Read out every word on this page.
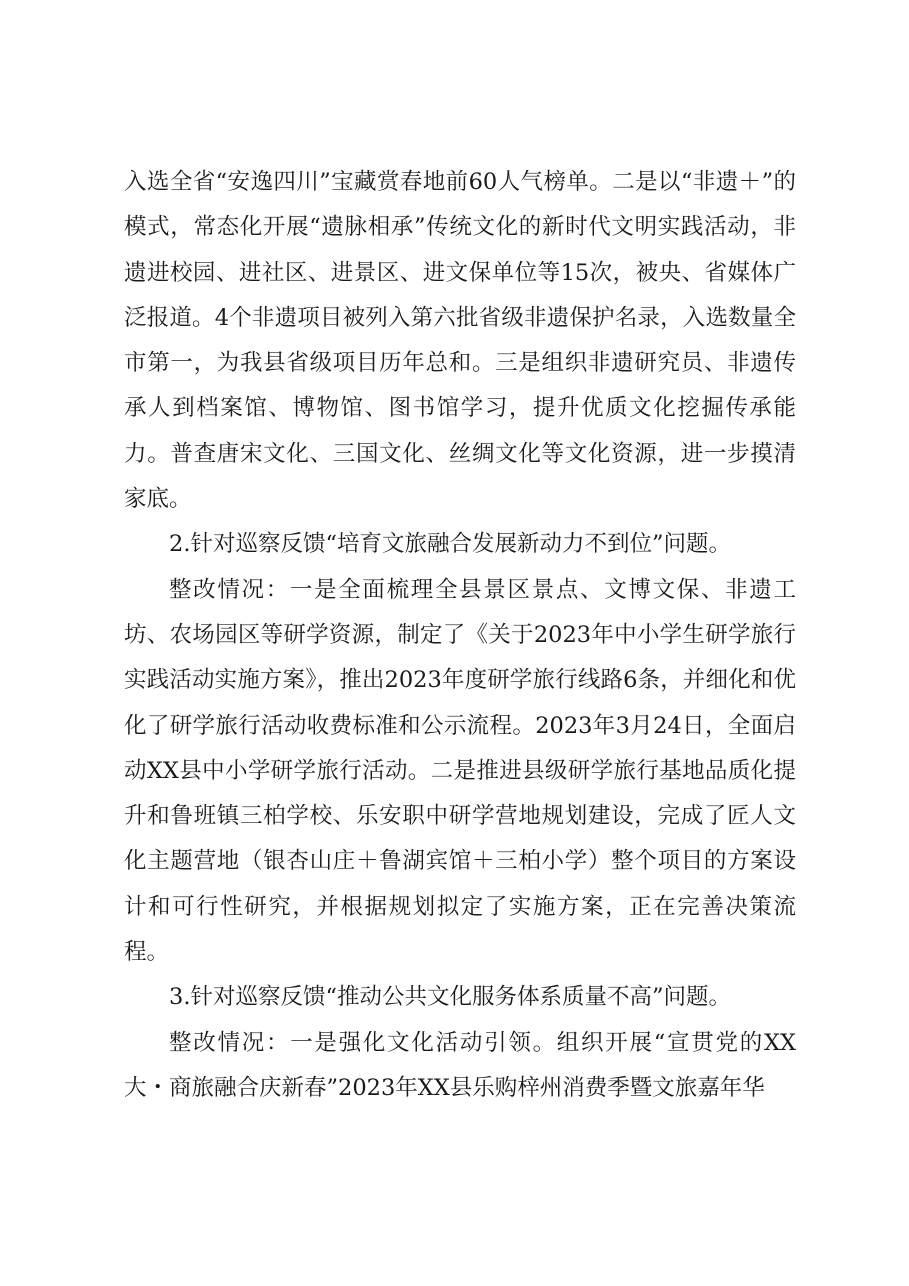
入选全省“安逸四川”宝藏赏春地前60人气榜单。二是以“非遗＋”的模式，常态化开展“遗脉相承”传统文化的新时代文明实践活动，非遗进校园、进社区、进景区、进文保单位等15次，被央、省媒体广泛报道。4个非遗项目被列入第六批省级非遗保护名录，入选数量全市第一，为我县省级项目历年总和。三是组织非遗研究员、非遗传承人到档案馆、博物馆、图书馆学习，提升优质文化挖掘传承能力。普查唐宋文化、三国文化、丝绸文化等文化资源，进一步摸清家底。

2.针对巡察反馈“培育文旅融合发展新动力不到位”问题。

整改情况：一是全面梳理全县景区景点、文博文保、非遗工坊、农场园区等研学资源，制定了《关于2023年中小学生研学旅行实践活动实施方案》，推出2023年度研学旅行线路6条，并细化和优化了研学旅行活动收费标准和公示流程。2023年3月24日，全面启动XX县中小学研学旅行活动。二是推进县级研学旅行基地品质化提升和鲁班镇三柏学校、乐安职中研学营地规划建设，完成了匠人文化主题营地（银杏山庄＋鲁湖宾馆＋三柏小学）整个项目的方案设计和可行性研究，并根据规划拟定了实施方案，正在完善决策流程。

3.针对巡察反馈“推动公共文化服务体系质量不高”问题。

整改情况：一是强化文化活动引领。组织开展“宣贯党的XX大・商旅融合庆新春”2023年XX县乐购梓州消费季暨文旅嘉年华
